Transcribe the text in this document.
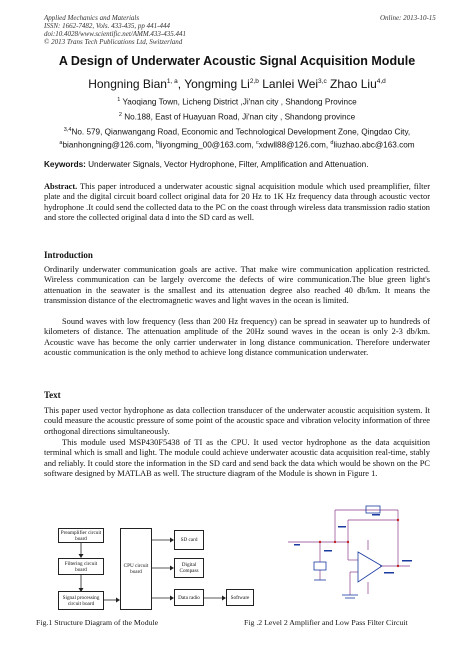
Applied Mechanics and Materials
ISSN: 1662-7482, Vols. 433-435, pp 441-444
doi:10.4028/www.scientific.net/AMM.433-435.441
© 2013 Trans Tech Publications Ltd, Switzerland
Online: 2013-10-15
A Design of Underwater Acoustic Signal Acquisition Module
Hongning Bian$^{1, a}$, Yongming Li$^{2,b}$ Lanlei Wei$^{3,c}$ Zhao Liu$^{4,d}$
$^1$ Yaoqiang Town, Licheng District ,Ji'nan city , Shandong Province
$^2$ No.188, East of Huayuan Road, Ji'nan city , Shandong province
$^{3,4}$No. 579, Qianwangang Road, Economic and Technological Development Zone, Qingdao City,
$^a$bianhongning@126.com, $^b$liyongming_00@163.com, $^c$xdwll88@126.com, $^d$liuzhao.abc@163.com
Keywords: Underwater Signals, Vector Hydrophone, Filter, Amplification and Attenuation.
Abstract. This paper introduced a underwater acoustic signal acquisition module which used preamplifier, filter plate and the digital circuit board collect original data for 20 Hz to 1K Hz frequency data through acoustic vector hydrophone .It could send the collected data to the PC on the coast through wireless data transmission radio station and store the collected original data d into the SD card as well.
Introduction
Ordinarily underwater communication goals are active. That make wire communication application restricted. Wireless communication can be largely overcome the defects of wire communication.The blue green light's attenuation in the seawater is the smallest and its attenuation degree also reached 40 db/km. It means the transmission distance of the electromagnetic waves and light waves in the ocean is limited.
Sound waves with low frequency (less than 200 Hz frequency) can be spread in seawater up to hundreds of kilometers of distance. The attenuation amplitude of the 20Hz sound waves in the ocean is only 2-3 db/km. Acoustic wave has become the only carrier underwater in long distance communication. Therefore underwater acoustic communication is the only method to achieve long distance communication underwater.
Text
This paper used vector hydrophone as data collection transducer of the underwater acoustic acquisition system. It could measure the acoustic pressure of some point of the acoustic space and vibration velocity information of three orthogonal directions simultaneously.
This module used MSP430F5438 of TI as the CPU. It used vector hydrophone as the data acquisition terminal which is small and light. The module could achieve underwater acoustic data acquisition real-time, stably and reliably. It could store the information in the SD card and send back the data which would be shown on the PC software designed by MATLAB as well. The structure diagram of the Module is shown in Figure 1.
Preamplifier circuit board
Filtering circuit board
Signal processing circuit board
CPU circuit board
SD card
Digital Compass
Data radio	Software
Fig.1 Structure Diagram of the Module	Fig .2 Level 2 Amplifier and Low Pass Filter Circuit
